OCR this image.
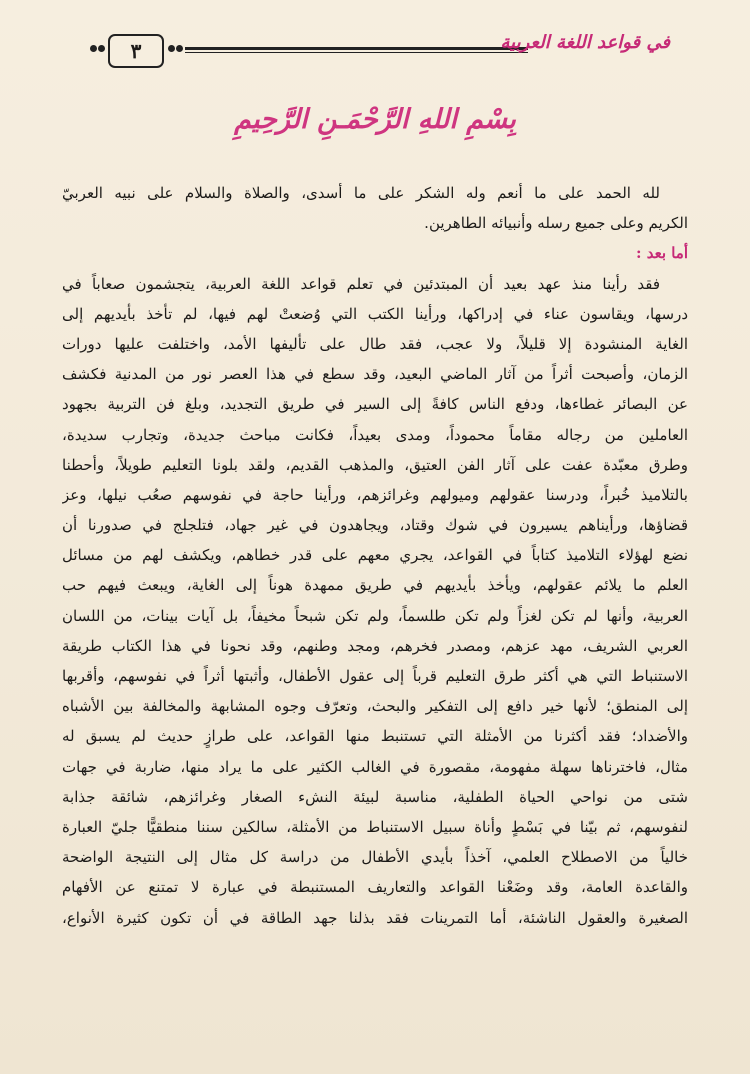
٣	في قواعد اللغة العربية
بِسْمِ اللهِ الرَّحْمَـنِ الرَّحِيمِ
لله الحمد على ما أنعم وله الشكر على ما أسدى، والصلاة والسلام على نبيه العربيّ
الكريم وعلى جميع رسله وأنبيائه الطاهرين.
أما بعد :
فقد رأينا منذ عهد بعيد أن المبتدئين في تعلم قواعد اللغة العربية، يتجشمون صعاباً في
درسها، ويقاسون عناء في إدراكها، ورأينا الكتب التي وُضعتْ لهم فيها، لم تأخذ بأيديهم إلى
الغاية المنشودة إلا قليلاً، ولا عجب، فقد طال على تأليفها الأمد، واختلفت عليها دورات
الزمان، وأصبحت أثراً من آثار الماضي البعيد، وقد سطع في هذا العصر نور من المدنية فكشف
عن البصائر غطاءها، ودفع الناس كافةً إلى السير في طريق التجديد، وبلغ فن التربية بجهود
العاملين من رجاله مقاماً محموداً، ومدى بعيداً، فكانت مباحث جديدة، وتجارب سديدة،
وطرق معبّدة عفت على آثار الفن العتيق، والمذهب القديم، ولقد بلونا التعليم طويلاً، وأحطنا
بالتلاميذ خُبراً، ودرسنا عقولهم وميولهم وغرائزهم، ورأينا حاجة في نفوسهم صعُب نيلها، وعز
قضاؤها، ورأيناهم يسيرون في شوك وقتاد، ويجاهدون في غير جهاد، فتلجلج في صدورنا أن
نضع لهؤلاء التلاميذ كتاباً في القواعد، يجري معهم على قدر خطاهم، ويكشف لهم من مسائل
العلم ما يلائم عقولهم، ويأخذ بأيديهم في طريق ممهدة هوناً إلى الغاية، ويبعث فيهم حب
العربية، وأنها لم تكن لغزاً ولم تكن طلسماً، ولم تكن شبحاً مخيفاً، بل آيات بينات، من اللسان
العربي الشريف، مهد عزهم، ومصدر فخرهم، ومجد وطنهم، وقد نحونا في هذا الكتاب طريقة
الاستنباط التي هي أكثر طرق التعليم قرباً إلى عقول الأطفال، وأثبتها أثراً في نفوسهم، وأقربها
إلى المنطق؛ لأنها خير دافع إلى التفكير والبحث، وتعرّف وجوه المشابهة والمخالفة بين الأشباه
والأضداد؛ فقد أكثرنا من الأمثلة التي تستنبط منها القواعد، على طرازٍ حديث لم يسبق له
مثال، فاخترناها سهلة مفهومة، مقصورة في الغالب الكثير على ما يراد منها، ضاربة في جهات
شتى من نواحي الحياة الطفلية، مناسبة لبيئة النشء الصغار وغرائزهم، شائقة جذابة
لنفوسهم، ثم بيّنا في بَسْطٍ وأناة سبيل الاستنباط من الأمثلة، سالكين سننا منطقيًّا جليّ العبارة
خالياً من الاصطلاح العلمي، آخذاً بأيدي الأطفال من دراسة كل مثال إلى النتيجة الواضحة
والقاعدة العامة، وقد وضَعْنا القواعد والتعاريف المستنبطة في عبارة لا تمتنع عن الأفهام
الصغيرة والعقول الناشئة، أما التمرينات فقد بذلنا جهد الطاقة في أن تكون كثيرة الأنواع،
